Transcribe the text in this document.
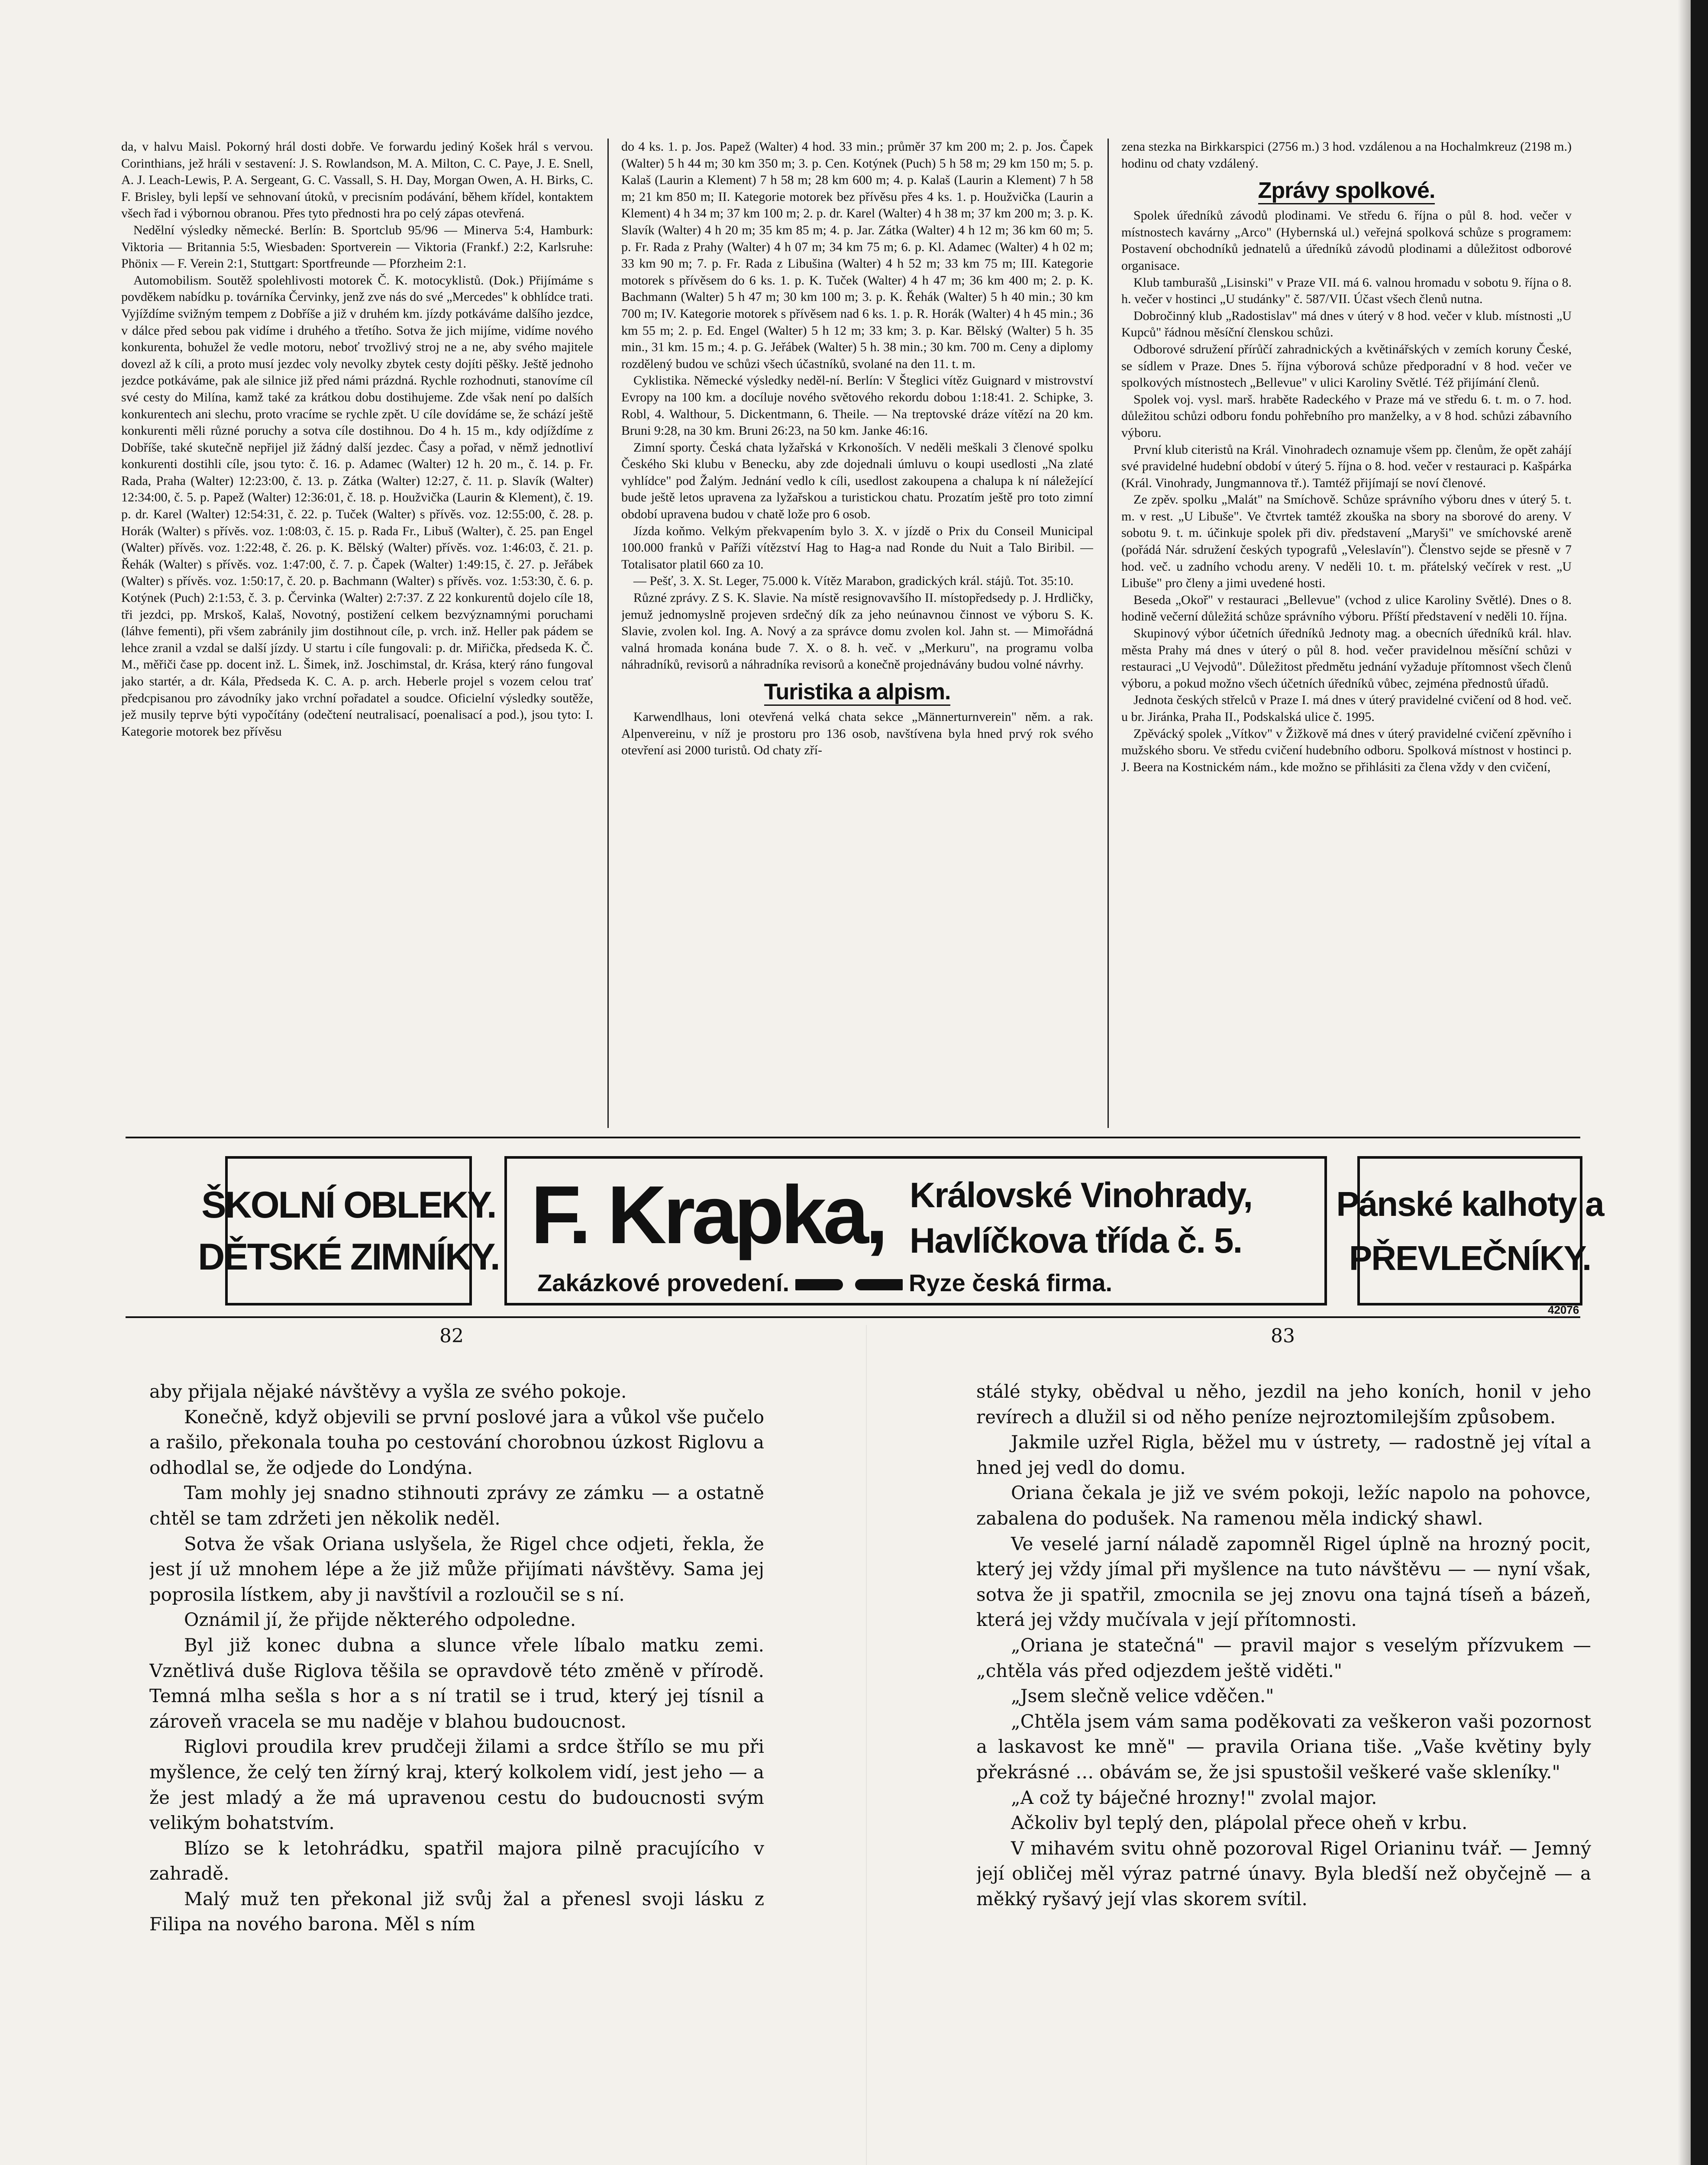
da, v halvu Maisl. Pokorný hrál dosti dobře. Ve forwardu jediný Košek hrál s vervou. Corinthians, jež hráli v sestavení: J. S. Rowlandson, M. A. Milton, C. C. Paye, J. E. Snell, A. J. Leach-Lewis, P. A. Sergeant, G. C. Vassall, S. H. Day, Morgan Owen, A. H. Birks, C. F. Brisley, byli lepší ve sehnovaní útoků, v precisním podávání, během křídel, kontaktem všech řad i výbornou obranou. Přes tyto přednosti hra po celý zápas otevřená.

Nedělní výsledky německé. Berlín: B. Sportclub 95/96 — Minerva 5:4, Hamburk: Viktoria — Britannia 5:5, Wiesbaden: Sportverein — Viktoria (Frankf.) 2:2, Karlsruhe: Phönix — F. Verein 2:1, Stuttgart: Sportfreunde — Pforzheim 2:1.

Automobilism. Soutěž spolehlivosti motorek Č. K. motocyklistů. (Dok.) Přijímáme s povděkem nabídku p. továrníka Červinky, jenž zve nás do své „Mercedes" k obhlídce trati. Vyjíždíme svižným tempem z Dobříše a již v druhém km. jízdy potkáváme dalšího jezdce, v dálce před sebou pak vidíme i druhého a třetího. Sotva že jich mijíme, vidíme nového konkurenta, bohužel že vedle motoru, neboť trvožlivý stroj ne a ne, aby svého majitele dovezl až k cíli, a proto musí jezdec voly nevolky zbytek cesty dojíti pěšky. Ještě jednoho jezdce potkáváme, pak ale silnice již před námi prázdná. Rychle rozhodnuti, stanovíme cíl své cesty do Milína, kamž také za krátkou dobu dostihujeme. Zde však není po dalších konkurentech ani slechu, proto vracíme se rychle zpět. U cíle dovídáme se, že schází ještě konkurenti měli různé poruchy a sotva cíle dostihnou. Do 4 h. 15 m., kdy odjíždíme z Dobříše, také skutečně nepřijel již žádný další jezdec. Časy a pořad, v němž jednotliví konkurenti dostihli cíle, jsou tyto: č. 16. p. Adamec (Walter) 12 h. 20 m., č. 14. p. Fr. Rada, Praha (Walter) 12:23:00, č. 13. p. Zátka (Walter) 12:27, č. 11. p. Slavík (Walter) 12:34:00, č. 5. p. Papež (Walter) 12:36:01, č. 18. p. Houžvička (Laurin & Klement), č. 19. p. dr. Karel (Walter) 12:54:31, č. 22. p. Tuček (Walter) s přívěs. voz. 12:55:00, č. 28. p. Horák (Walter) s přívěs. voz. 1:08:03, č. 15. p. Rada Fr., Libuš (Walter), č. 25. pan Engel (Walter) přívěs. voz. 1:22:48, č. 26. p. K. Bělský (Walter) přívěs. voz. 1:46:03, č. 21. p. Řehák (Walter) s přívěs. voz. 1:47:00, č. 7. p. Čapek (Walter) 1:49:15, č. 27. p. Jeřábek (Walter) s přívěs. voz. 1:50:17, č. 20. p. Bachmann (Walter) s přívěs. voz. 1:53:30, č. 6. p. Kotýnek (Puch) 2:1:53, č. 3. p. Červinka (Walter) 2:7:37. Z 22 konkurentů dojelo cíle 18, tři jezdci, pp. Mrskoš, Kalaš, Novotný, postižení celkem bezvýznamnými poruchami (láhve fementi), při všem zabránily jim dostihnout cíle, p. vrch. inž. Heller pak pádem se lehce zranil a vzdal se další jízdy. U startu i cíle fungovali: p. dr. Miřička, předseda K. Č. M., měřiči čase pp. docent inž. L. Šimek, inž. Joschimstal, dr. Krása, který ráno fungoval jako startér, a dr. Kála, Předseda K. C. A. p. arch. Heberle projel s vozem celou trať předcpisanou pro závodníky jako vrchní pořadatel a soudce. Oficielní výsledky soutěže, jež musily teprve býti vypočítány (odečtení neutralisací, poenalisací a pod.), jsou tyto: I. Kategorie motorek bez přívěsu

do 4 ks. 1. p. Jos. Papež (Walter) 4 hod. 33 min.; průměr 37 km 200 m; 2. p. Jos. Čapek (Walter) 5 h 44 m; 30 km 350 m; 3. p. Cen. Kotýnek (Puch) 5 h 58 m; 29 km 150 m; 5. p. Kalaš (Laurin a Klement) 7 h 58 m; 28 km 600 m; 4. p. Kalaš (Laurin a Klement) 7 h 58 m; 21 km 850 m; II. Kategorie motorek bez přívěsu přes 4 ks. 1. p. Houžvička (Laurin a Klement) 4 h 34 m; 37 km 100 m; 2. p. dr. Karel (Walter) 4 h 38 m; 37 km 200 m; 3. p. K. Slavík (Walter) 4 h 20 m; 35 km 85 m; 4. p. Jar. Zátka (Walter) 4 h 12 m; 36 km 60 m; 5. p. Fr. Rada z Prahy (Walter) 4 h 07 m; 34 km 75 m; 6. p. Kl. Adamec (Walter) 4 h 02 m; 33 km 90 m; 7. p. Fr. Rada z Libušina (Walter) 4 h 52 m; 33 km 75 m; III. Kategorie motorek s přívěsem do 6 ks. 1. p. K. Tuček (Walter) 4 h 47 m; 36 km 400 m; 2. p. K. Bachmann (Walter) 5 h 47 m; 30 km 100 m; 3. p. K. Řehák (Walter) 5 h 40 min.; 30 km 700 m; IV. Kategorie motorek s přívěsem nad 6 ks. 1. p. R. Horák (Walter) 4 h 45 min.; 36 km 55 m; 2. p. Ed. Engel (Walter) 5 h 12 m; 33 km; 3. p. Kar. Bělský (Walter) 5 h. 35 min., 31 km. 15 m.; 4. p. G. Jeřábek (Walter) 5 h. 38 min.; 30 km. 700 m. Ceny a diplomy rozdělený budou ve schůzi všech účastníků, svolané na den 11. t. m.

Cyklistika. Německé výsledky neděl-ní. Berlín: V Šteglici vítěz Guignard v mistrovství Evropy na 100 km. a docíluje nového světového rekordu dobou 1:18:41. 2. Schipke, 3. Robl, 4. Walthour, 5. Dickentmann, 6. Theile. — Na treptovské dráze vítězí na 20 km. Bruni 9:28, na 30 km. Bruni 26:23, na 50 km. Janke 46:16.

Zimní sporty. Česká chata lyžařská v Krkonoších. V neděli meškali 3 členové spolku Českého Ski klubu v Benecku, aby zde dojednali úmluvu o koupi usedlosti „Na zlaté vyhlídce" pod Žalým. Jednání vedlo k cíli, usedlost zakoupena a chalupa k ní náležející bude ještě letos upravena za lyžařskou a turistickou chatu. Prozatím ještě pro toto zimní období upravena budou v chatě lože pro 6 osob.

Jízda koňmo. Velkým překvapením bylo 3. X. v jízdě o Prix du Conseil Municipal 100.000 franků v Paříži vítězství Hag to Hag-a nad Ronde du Nuit a Talo Biribil. — Totalisator platil 660 za 10.

— Pešť, 3. X. St. Leger, 75.000 k. Vítěz Marabon, gradických král. stájů. Tot. 35:10.

Různé zprávy. Z S. K. Slavie. Na místě resignovavšího II. místopředsedy p. J. Hrdličky, jemuž jednomyslně projeven srdečný dík za jeho neúnavnou činnost ve výboru S. K. Slavie, zvolen kol. Ing. A. Nový a za správce domu zvolen kol. Jahn st. — Mimořádná valná hromada konána bude 7. X. o 8. h. več. v „Merkuru", na programu volba náhradníků, revisorů a náhradníka revisorů a konečně projednávány budou volné návrhy.

Turistika a alpism.

Karwendlhaus, loni otevřená velká chata sekce „Männerturnverein" něm. a rak. Alpenvereinu, v níž je prostoru pro 136 osob, navštívena byla hned prvý rok svého otevření asi 2000 turistů. Od chaty zří-

zena stezka na Birkkarspici (2756 m.) 3 hod. vzdálenou a na Hochalmkreuz (2198 m.) hodinu od chaty vzdálený.

Zprávy spolkové.

Spolek úředníků závodů plodinami. Ve středu 6. října o půl 8. hod. večer v místnostech kavárny „Arco" (Hybernská ul.) veřejná spolková schůze s programem: Postavení obchodníků jednatelů a úředníků závodů plodinami a důležitost odborové organisace.

Klub tamburašů „Lisinski" v Praze VII. má 6. valnou hromadu v sobotu 9. října o 8. h. večer v hostinci „U studánky" č. 587/VII. Účast všech členů nutna.

Dobročinný klub „Radostislav" má dnes v úterý v 8 hod. večer v klub. místnosti „U Kupců" řádnou měsíční členskou schůzi.

Odborové sdružení přírůčí zahradnických a květinářských v zemích koruny České, se sídlem v Praze. Dnes 5. října výborová schůze předporadní v 8 hod. večer ve spolkových místnostech „Bellevue" v ulici Karoliny Světlé. Též přijímání členů.

Spolek voj. vysl. marš. hraběte Radeckého v Praze má ve středu 6. t. m. o 7. hod. důležitou schůzi odboru fondu pohřebního pro manželky, a v 8 hod. schůzi zábavního výboru.

První klub citeristů na Král. Vinohradech oznamuje všem pp. členům, že opět zahájí své pravidelné hudební období v úterý 5. října o 8. hod. večer v restauraci p. Kašpárka (Král. Vinohrady, Jungmannova tř.). Tamtéž přijímají se noví členové.

Ze zpěv. spolku „Malát" na Smíchově. Schůze správního výboru dnes v úterý 5. t. m. v rest. „U Libuše". Ve čtvrtek tamtéž zkouška na sbory na sborové do areny. V sobotu 9. t. m. účinkuje spolek při div. představení „Maryši" ve smíchovské areně (pořádá Nár. sdružení českých typografů „Veleslavín"). Členstvo sejde se přesně v 7 hod. več. u zadního vchodu areny. V neděli 10. t. m. přátelský večírek v rest. „U Libuše" pro členy a jimi uvedené hosti.

Beseda „Okoř" v restauraci „Bellevue" (vchod z ulice Karoliny Světlé). Dnes o 8. hodině večerní důležitá schůze správního výboru. Příští představení v neděli 10. října.

Skupinový výbor účetních úředníků Jednoty mag. a obecních úředníků král. hlav. města Prahy má dnes v úterý o půl 8. hod. večer pravidelnou měsíční schůzi v restauraci „U Vejvodů". Důležitost předmětu jednání vyžaduje přítomnost všech členů výboru, a pokud možno všech účetních úředníků vůbec, zejména přednostů úřadů.

Jednota českých střelců v Praze I. má dnes v úterý pravidelné cvičení od 8 hod. več. u br. Jiránka, Praha II., Podskalská ulice č. 1995.

Zpěvácký spolek „Vítkov" v Žižkově má dnes v úterý pravidelné cvičení zpěvního i mužského sboru. Ve středu cvičení hudebního odboru. Spolková místnost v hostinci p. J. Beera na Kostnickém nám., kde možno se přihlásiti za člena vždy v den cvičení,

ŠKOLNÍ OBLEKY.
DĚTSKÉ ZIMNÍKY. F. Krapka, Královské Vinohrady,
Havlíčkova třída č. 5.
Zakázkové provedení.	Ryze česká firma.
Pánské kalhoty a
PŘEVLEČNÍKY.
42076
82	83

aby přijala nějaké návštěvy a vyšla ze svého pokoje.

Konečně, když objevili se první poslové jara a vůkol vše pučelo a rašilo, překonala touha po cestování chorobnou úzkost Riglovu a odhodlal se, že odjede do Londýna.

Tam mohly jej snadno stihnouti zprávy ze zámku — a ostatně chtěl se tam zdržeti jen několik neděl.

Sotva že však Oriana uslyšela, že Rigel chce odjeti, řekla, že jest jí už mnohem lépe a že již může přijímati návštěvy. Sama jej poprosila lístkem, aby ji navštívil a rozloučil se s ní.

Oznámil jí, že přijde některého odpoledne.

Byl již konec dubna a slunce vřele líbalo matku zemi. Vznětlivá duše Riglova těšila se opravdově této změně v přírodě. Temná mlha sešla s hor a s ní tratil se i trud, který jej tísnil a zároveň vracela se mu naděje v blahou budoucnost.

Riglovi proudila krev prudčeji žilami a srdce štřílo se mu při myšlence, že celý ten žírný kraj, který kolkolem vidí, jest jeho — a že jest mladý a že má upravenou cestu do budoucnosti svým velikým bohatstvím.

Blízo se k letohrádku, spatřil majora pilně pracujícího v zahradě.

Malý muž ten překonal již svůj žal a přenesl svoji lásku z Filipa na nového barona. Měl s ním

stálé styky, obědval u něho, jezdil na jeho koních, honil v jeho revírech a dlužil si od něho peníze nejroztomilejším způsobem.

Jakmile uzřel Rigla, běžel mu v ústrety, — radostně jej vítal a hned jej vedl do domu.

Oriana čekala je již ve svém pokoji, ležíc napolo na pohovce, zabalena do podušek. Na ramenou měla indický shawl.

Ve veselé jarní náladě zapomněl Rigel úplně na hrozný pocit, který jej vždy jímal při myšlence na tuto návštěvu — — nyní však, sotva že ji spatřil, zmocnila se jej znovu ona tajná tíseň a bázeň, která jej vždy mučívala v její přítomnosti.

„Oriana je statečná" — pravil major s veselým přízvukem — „chtěla vás před odjezdem ještě viděti."

„Jsem slečně velice vděčen."

„Chtěla jsem vám sama poděkovati za veškeron vaši pozornost a laskavost ke mně" — pravila Oriana tiše. „Vaše květiny byly překrásné … obávám se, že jsi spustošil veškeré vaše skleníky."

„A což ty báječné hrozny!" zvolal major.

Ačkoliv byl teplý den, plápolal přece oheň v krbu.

V mihavém svitu ohně pozoroval Rigel Orianinu tvář. — Jemný její obličej měl výraz patrné únavy. Byla bledší než obyčejně — a měkký ryšavý její vlas skorem svítil.
